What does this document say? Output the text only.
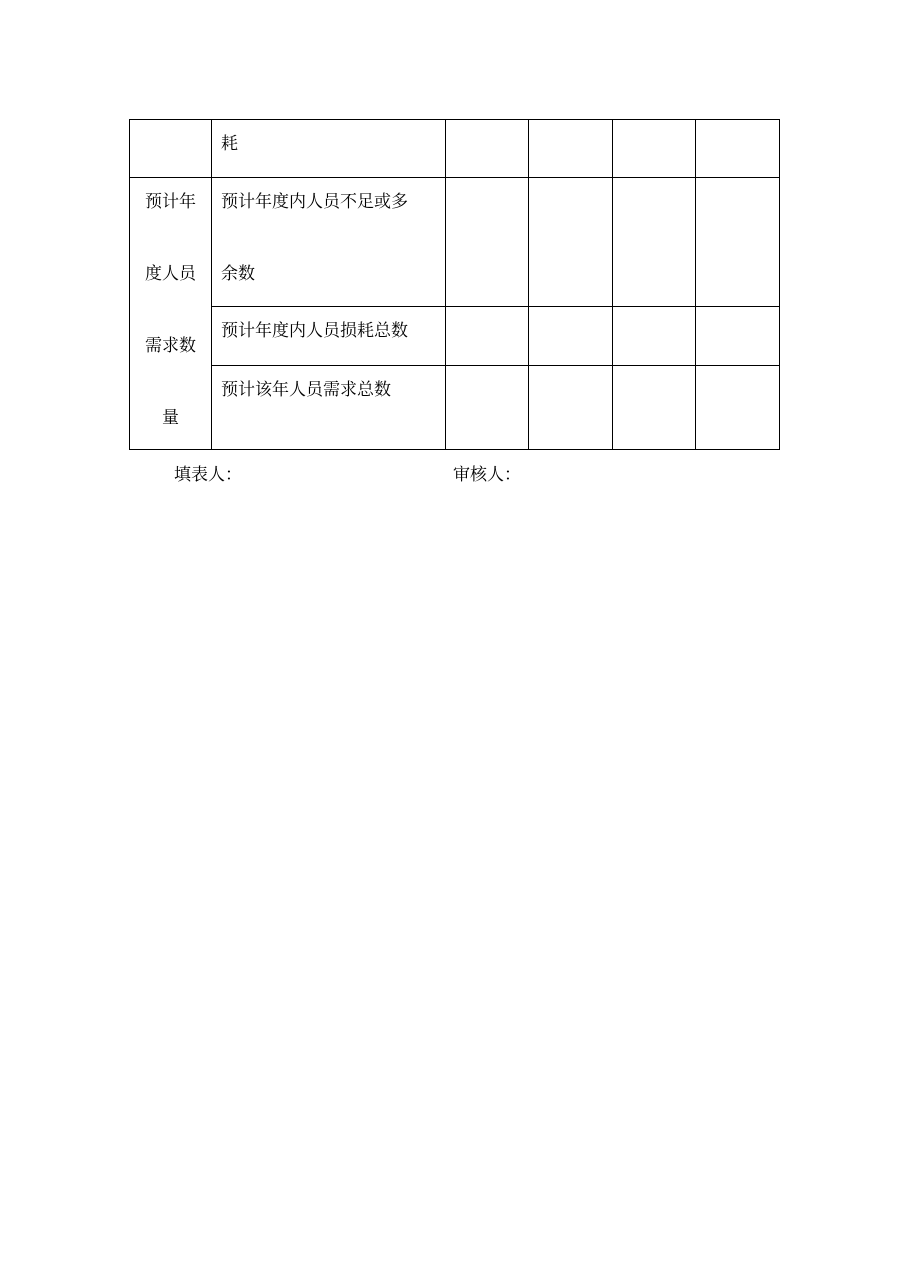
	耗				

预计年
度人员
需求数
量	预计年度内人员不足或多
余数				

	预计年度内人员损耗总数				

	预计该年人员需求总数				

填表人：	审核人：
